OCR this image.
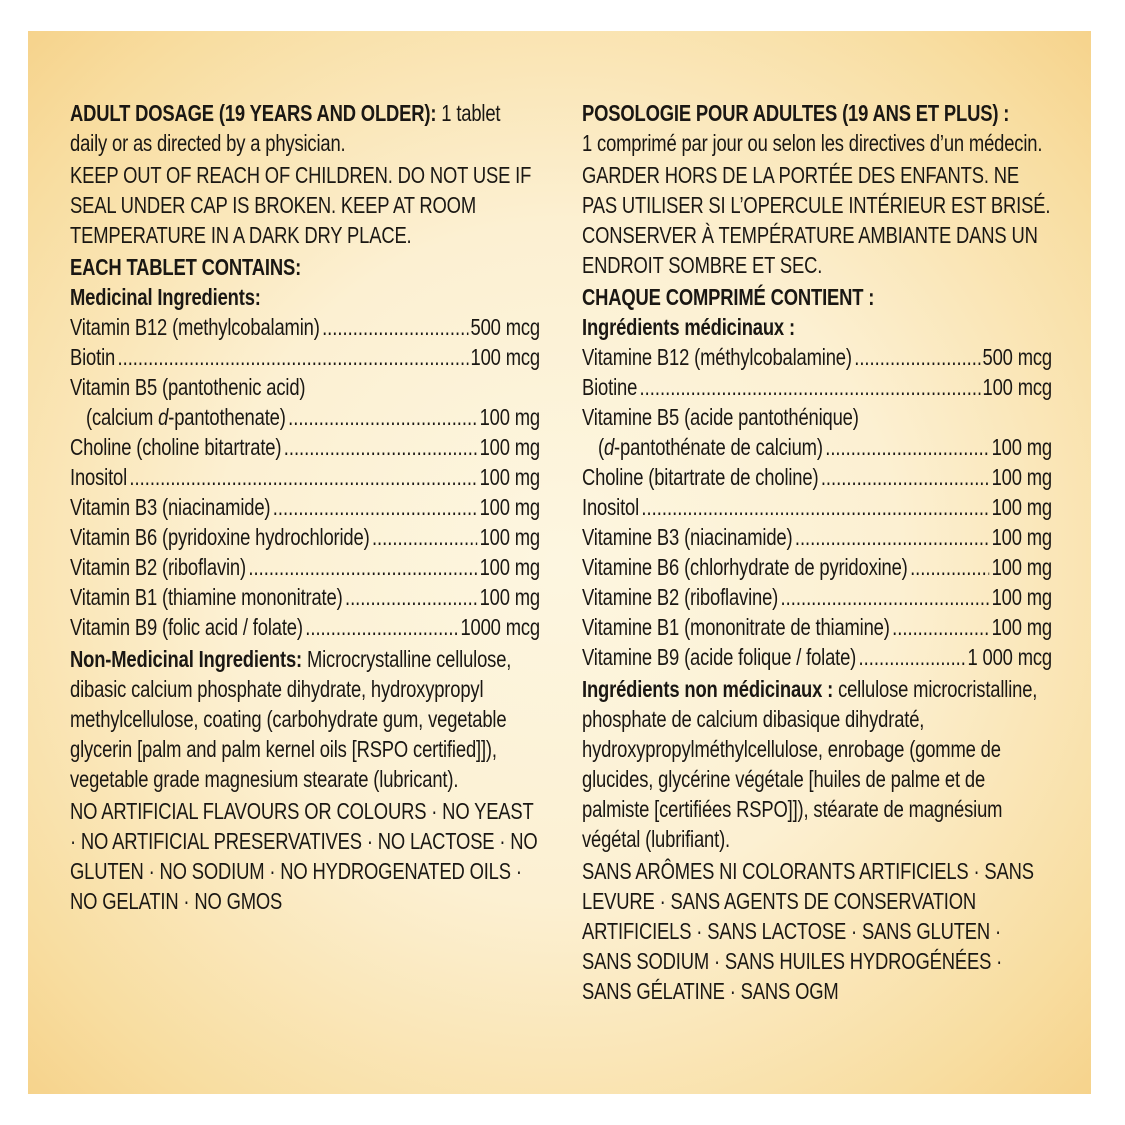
ADULT DOSAGE (19 YEARS AND OLDER): 1 tablet daily or as directed by a physician.

KEEP OUT OF REACH OF CHILDREN. DO NOT USE IF SEAL UNDER CAP IS BROKEN. KEEP AT ROOM TEMPERATURE IN A DARK DRY PLACE.

EACH TABLET CONTAINS:

Medicinal Ingredients:

Vitamin B12 (methylcobalamin) .....	500 mcg
Biotin .....	100 mcg
Vitamin B5 (pantothenic acid)
(calcium d-pantothenate) .....	100 mg
Choline (choline bitartrate) .....	100 mg
Inositol .....	100 mg
Vitamin B3 (niacinamide) .....	100 mg
Vitamin B6 (pyridoxine hydrochloride) .....	100 mg
Vitamin B2 (riboflavin) .....	100 mg
Vitamin B1 (thiamine mononitrate) .....	100 mg
Vitamin B9 (folic acid / folate) .....	1000 mcg

Non-Medicinal Ingredients: Microcrystalline cellulose, dibasic calcium phosphate dihydrate, hydroxypropyl methylcellulose, coating (carbohydrate gum, vegetable glycerin [palm and palm kernel oils [RSPO certified]]), vegetable grade magnesium stearate (lubricant).

NO ARTIFICIAL FLAVOURS OR COLOURS · NO YEAST · NO ARTIFICIAL PRESERVATIVES · NO LACTOSE · NO GLUTEN · NO SODIUM · NO HYDROGENATED OILS · NO GELATIN · NO GMOS

POSOLOGIE POUR ADULTES (19 ANS ET PLUS) :

1 comprimé par jour ou selon les directives d’un médecin.

GARDER HORS DE LA PORTÉE DES ENFANTS. NE PAS UTILISER SI L’OPERCULE INTÉRIEUR EST BRISÉ. CONSERVER À TEMPÉRATURE AMBIANTE DANS UN ENDROIT SOMBRE ET SEC.

CHAQUE COMPRIMÉ CONTIENT :

Ingrédients médicinaux :

Vitamine B12 (méthylcobalamine) .....	500 mcg
Biotine .....	100 mcg
Vitamine B5 (acide pantothénique)
(d-pantothénate de calcium) .....	100 mg
Choline (bitartrate de choline) .....	100 mg
Inositol .....	100 mg
Vitamine B3 (niacinamide) .....	100 mg
Vitamine B6 (chlorhydrate de pyridoxine) .....	100 mg
Vitamine B2 (riboflavine) .....	100 mg
Vitamine B1 (mononitrate de thiamine) .....	100 mg
Vitamine B9 (acide folique / folate) .....	1 000 mcg

Ingrédients non médicinaux : cellulose microcristalline, phosphate de calcium dibasique dihydraté, hydroxypropylméthylcellulose, enrobage (gomme de glucides, glycérine végétale [huiles de palme et de palmiste [certifiées RSPO]]), stéarate de magnésium végétal (lubrifiant).

SANS ARÔMES NI COLORANTS ARTIFICIELS · SANS LEVURE · SANS AGENTS DE CONSERVATION ARTIFICIELS · SANS LACTOSE · SANS GLUTEN · SANS SODIUM · SANS HUILES HYDROGÉNÉES · SANS GÉLATINE · SANS OGM
